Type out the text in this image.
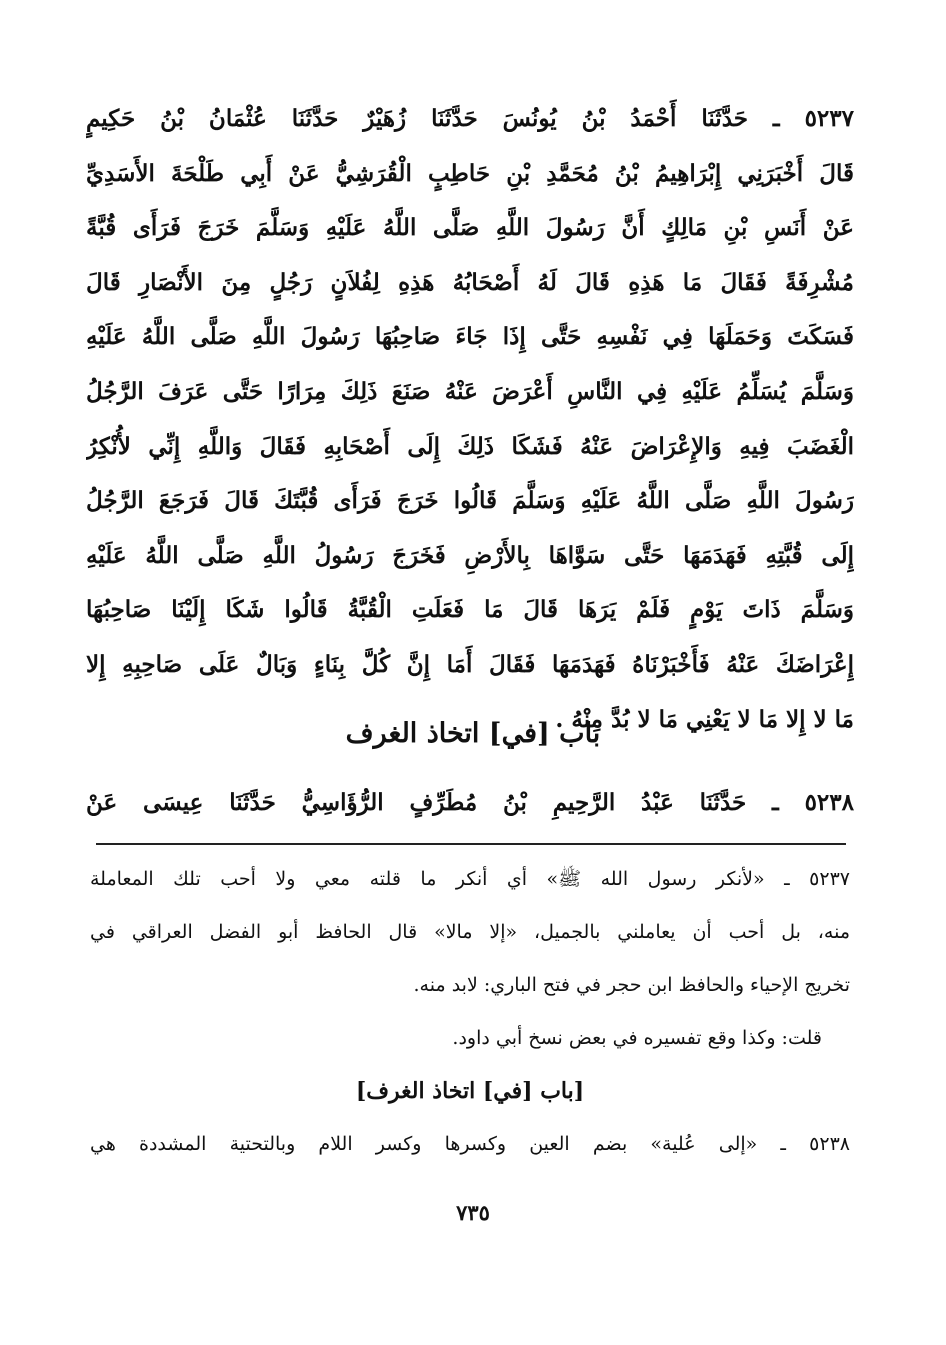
٥٢٣٧ ـ حَدَّثَنَا أَحْمَدُ بْنُ يُونُسَ حَدَّثَنَا زُهَيْرٌ حَدَّثَنَا عُثْمَانُ بْنُ حَكِيمٍ
قَالَ أَخْبَرَنِي إِبْرَاهِيمُ بْنُ مُحَمَّدِ بْنِ حَاطِبٍ الْقُرَشِيُّ عَنْ أَبِي طَلْحَةَ الأَسَدِيِّ
عَنْ أَنَسِ بْنِ مَالِكٍ أَنَّ رَسُولَ اللَّهِ صَلَّى اللَّهُ عَلَيْهِ وَسَلَّمَ خَرَجَ فَرَأَى قُبَّةً
مُشْرِفَةً فَقَالَ مَا هَذِهِ قَالَ لَهُ أَصْحَابُهُ هَذِهِ لِفُلاَنٍ رَجُلٍ مِنَ الأَنْصَارِ قَالَ
فَسَكَتَ وَحَمَلَهَا فِي نَفْسِهِ حَتَّى إِذَا جَاءَ صَاحِبُهَا رَسُولَ اللَّهِ صَلَّى اللَّهُ عَلَيْهِ
وَسَلَّمَ يُسَلِّمُ عَلَيْهِ فِي النَّاسِ أَعْرَضَ عَنْهُ صَنَعَ ذَلِكَ مِرَارًا حَتَّى عَرَفَ الرَّجُلُ
الْغَضَبَ فِيهِ وَالإِعْرَاضَ عَنْهُ فَشَكَا ذَلِكَ إِلَى أَصْحَابِهِ فَقَالَ وَاللَّهِ إِنِّي لأُنْكِرُ
رَسُولَ اللَّهِ صَلَّى اللَّهُ عَلَيْهِ وَسَلَّمَ قَالُوا خَرَجَ فَرَأَى قُبَّتَكَ قَالَ فَرَجَعَ الرَّجُلُ
إِلَى قُبَّتِهِ فَهَدَمَهَا حَتَّى سَوَّاهَا بِالأَرْضِ فَخَرَجَ رَسُولُ اللَّهِ صَلَّى اللَّهُ عَلَيْهِ
وَسَلَّمَ ذَاتَ يَوْمٍ فَلَمْ يَرَهَا قَالَ مَا فَعَلَتِ الْقُبَّةُ قَالُوا شَكَا إِلَيْنَا صَاحِبُهَا
إِعْرَاضَكَ عَنْهُ فَأَخْبَرْنَاهُ فَهَدَمَهَا فَقَالَ أَمَا إِنَّ كُلَّ بِنَاءٍ وَبَالٌ عَلَى صَاحِبِهِ إِلا
مَا لا إِلا مَا لا يَعْنِي مَا لا بُدَّ مِنْهُ .
باب [في] اتخاذ الغرف
٥٢٣٨ ـ حَدَّثَنَا عَبْدُ الرَّحِيمِ بْنُ مُطَرِّفٍ الرُّؤَاسِيُّ حَدَّثَنَا عِيسَى عَنْ
٥٢٣٧ ـ «لأنكر رسول الله ﷺ» أي أنكر ما قلته معي ولا أحب تلك المعاملة
منه، بل أحب أن يعاملني بالجميل، «إلا مالا» قال الحافظ أبو الفضل العراقي في
تخريج الإحياء والحافظ ابن حجر في فتح الباري: لابد منه.
قلت: وكذا وقع تفسيره في بعض نسخ أبي داود.
[باب [في] اتخاذ الغرف]
٥٢٣٨ ـ «إلى عُلية» بضم العين وكسرها وكسر اللام وبالتحتية المشددة هي
٧٣٥
